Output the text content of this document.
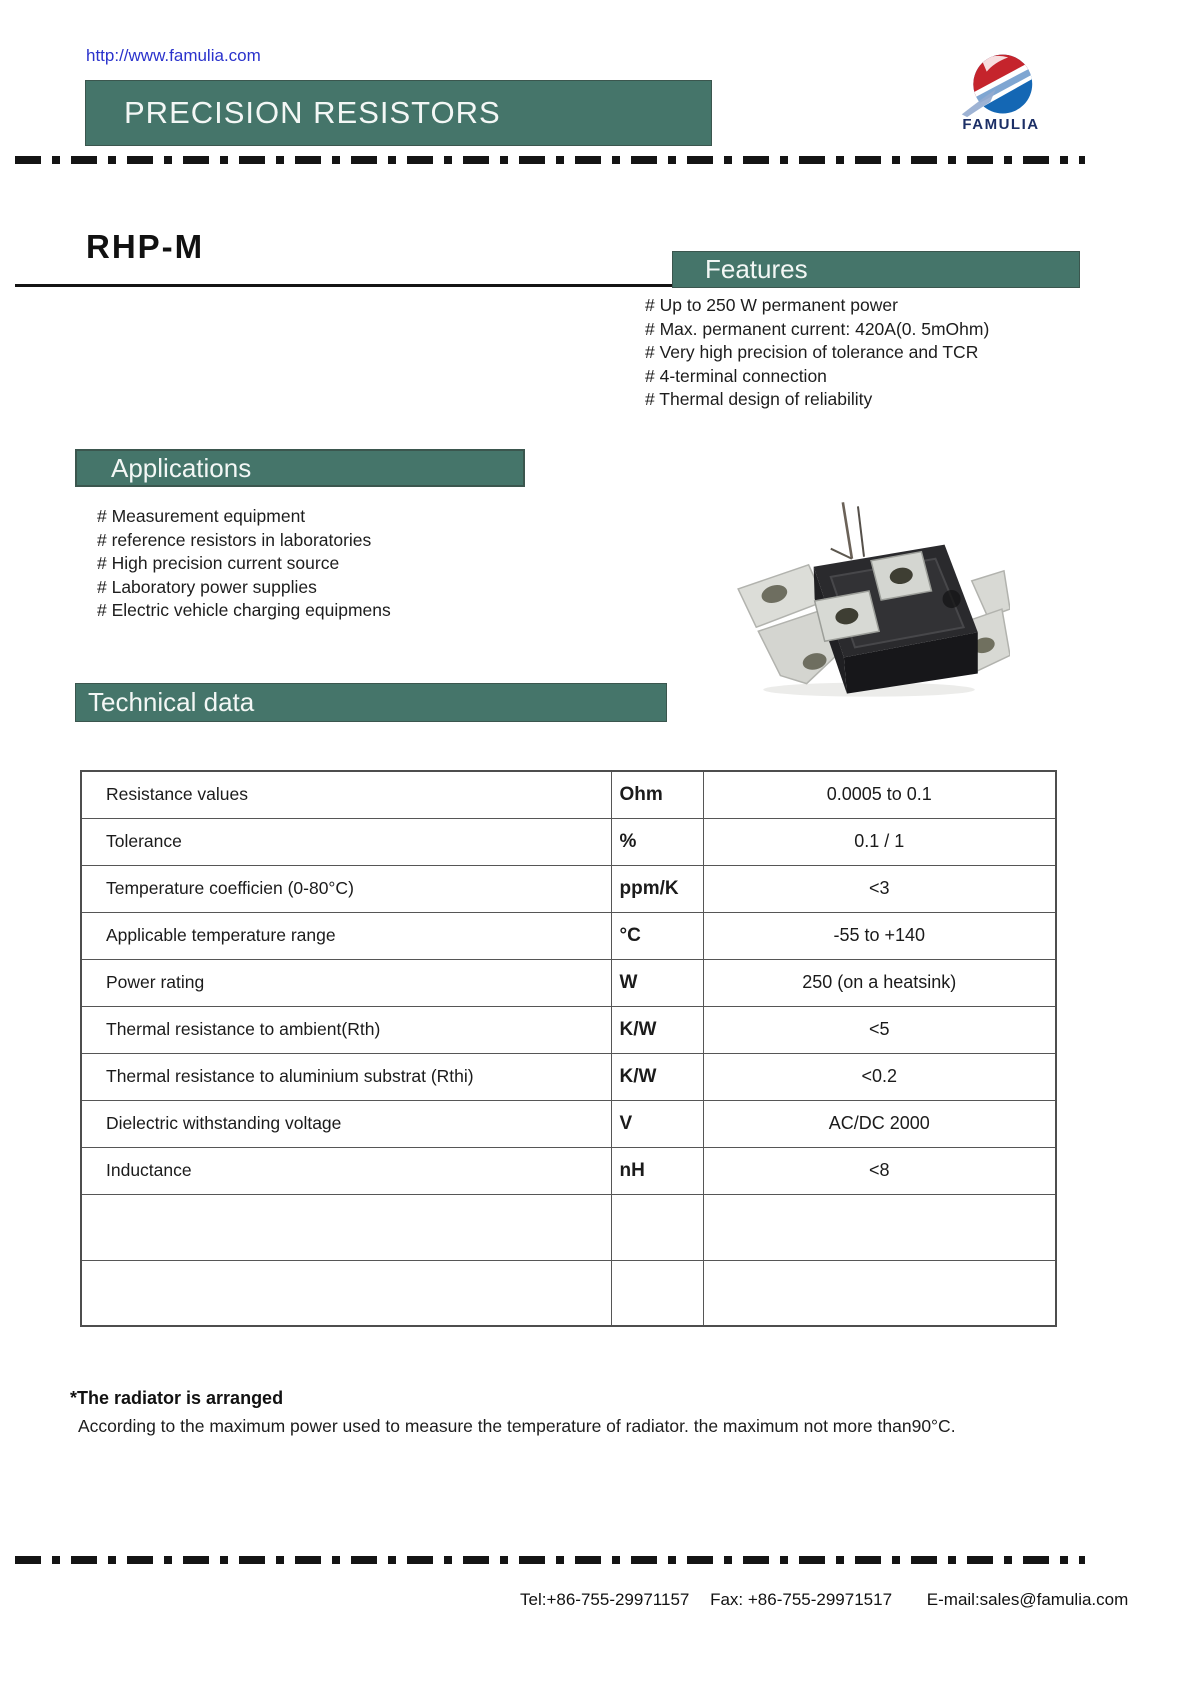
http://www.famulia.com
PRECISION RESISTORS	FAMULIA
RHP-M
Features
# Up to 250 W permanent power
# Max. permanent current: 420A(0. 5mOhm)
# Very high precision of tolerance and TCR
# 4-terminal connection
# Thermal design of reliability
Applications
# Measurement equipment
# reference resistors in laboratories
# High precision current source
# Laboratory power supplies
# Electric vehicle charging equipmens
Technical data
Resistance values	Ohm	0.0005 to 0.1
Tolerance	%	0.1 / 1
Temperature coefficien (0-80°C)	ppm/K	<3
Applicable temperature range	°C	-55 to +140
Power rating	W	250 (on a heatsink)
Thermal resistance to ambient(Rth)	K/W	<5
Thermal resistance to aluminium substrat (Rthi)	K/W	<0.2
Dielectric withstanding voltage	V	AC/DC 2000
Inductance	nH	<8

*The radiator is arranged
According to the maximum power used to measure the temperature of radiator. the maximum not more than90°C.
Tel:+86-755-29971157 Fax: +86-755-29971517 E-mail:sales@famulia.com
